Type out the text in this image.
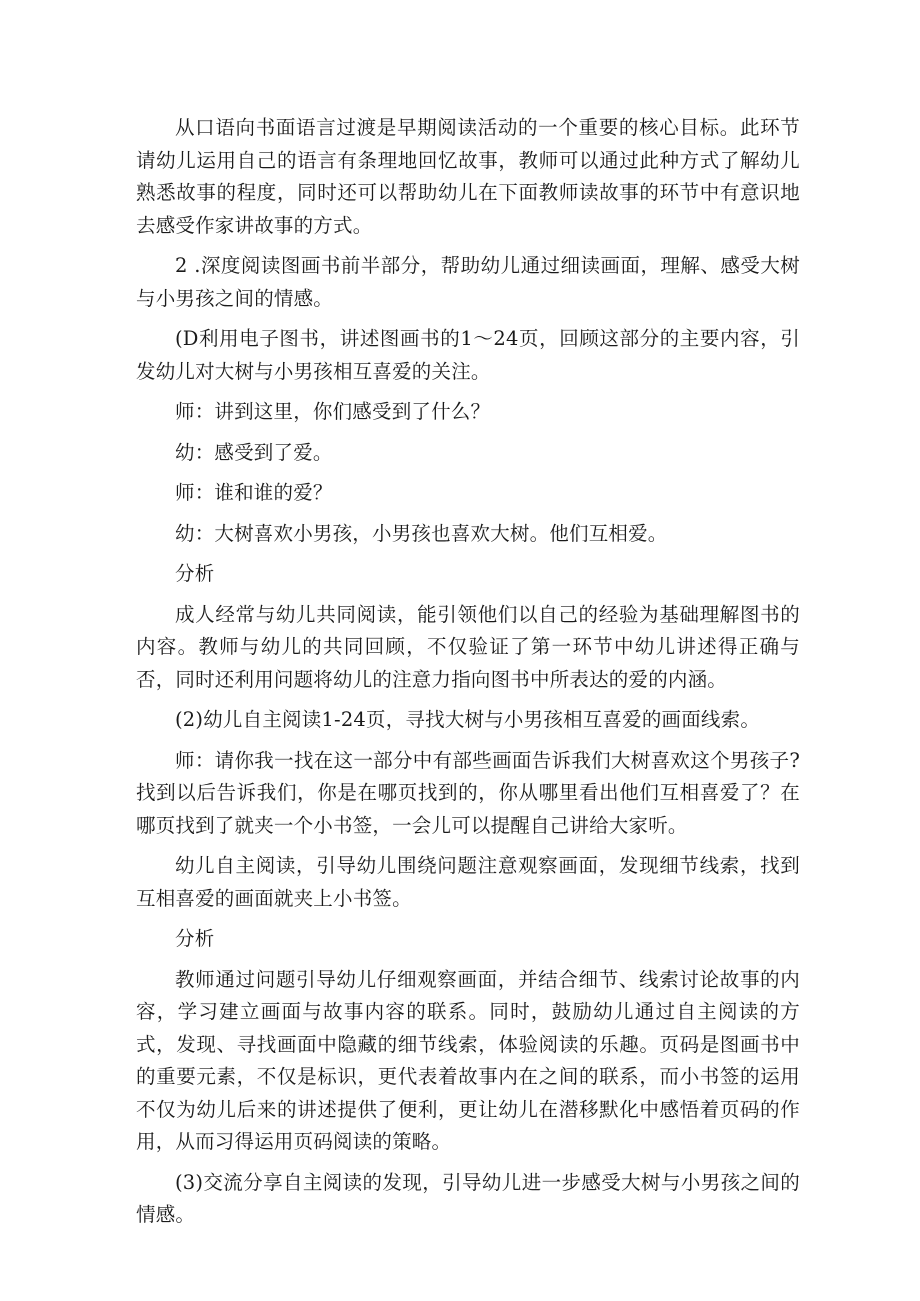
从口语向书面语言过渡是早期阅读活动的一个重要的核心目标。此环节请幼儿运用自己的语言有条理地回忆故事，教师可以通过此种方式了解幼儿熟悉故事的程度，同时还可以帮助幼儿在下面教师读故事的环节中有意识地去感受作家讲故事的方式。

2 .深度阅读图画书前半部分，帮助幼儿通过细读画面，理解、感受大树与小男孩之间的情感。

(D利用电子图书，讲述图画书的1～24页，回顾这部分的主要内容，引发幼儿对大树与小男孩相互喜爱的关注。

师：讲到这里，你们感受到了什么？

幼：感受到了爱。

师：谁和谁的爱？

幼：大树喜欢小男孩，小男孩也喜欢大树。他们互相爱。

分析

成人经常与幼儿共同阅读，能引领他们以自己的经验为基础理解图书的内容。教师与幼儿的共同回顾，不仅验证了第一环节中幼儿讲述得正确与否，同时还利用问题将幼儿的注意力指向图书中所表达的爱的内涵。

(2)幼儿自主阅读1-24页，寻找大树与小男孩相互喜爱的画面线索。

师：请你我一找在这一部分中有部些画面告诉我们大树喜欢这个男孩子?找到以后告诉我们，你是在哪页找到的，你从哪里看出他们互相喜爱了？在哪页找到了就夹一个小书签，一会儿可以提醒自己讲给大家听。

幼儿自主阅读，引导幼儿围绕问题注意观察画面，发现细节线索，找到互相喜爱的画面就夹上小书签。

分析

教师通过问题引导幼儿仔细观察画面，并结合细节、线索讨论故事的内容，学习建立画面与故事内容的联系。同时，鼓励幼儿通过自主阅读的方式，发现、寻找画面中隐藏的细节线索，体验阅读的乐趣。页码是图画书中的重要元素，不仅是标识，更代表着故事内在之间的联系，而小书签的运用不仅为幼儿后来的讲述提供了便利，更让幼儿在潜移默化中感悟着页码的作用，从而习得运用页码阅读的策略。

(3)交流分享自主阅读的发现，引导幼儿进一步感受大树与小男孩之间的情感。
